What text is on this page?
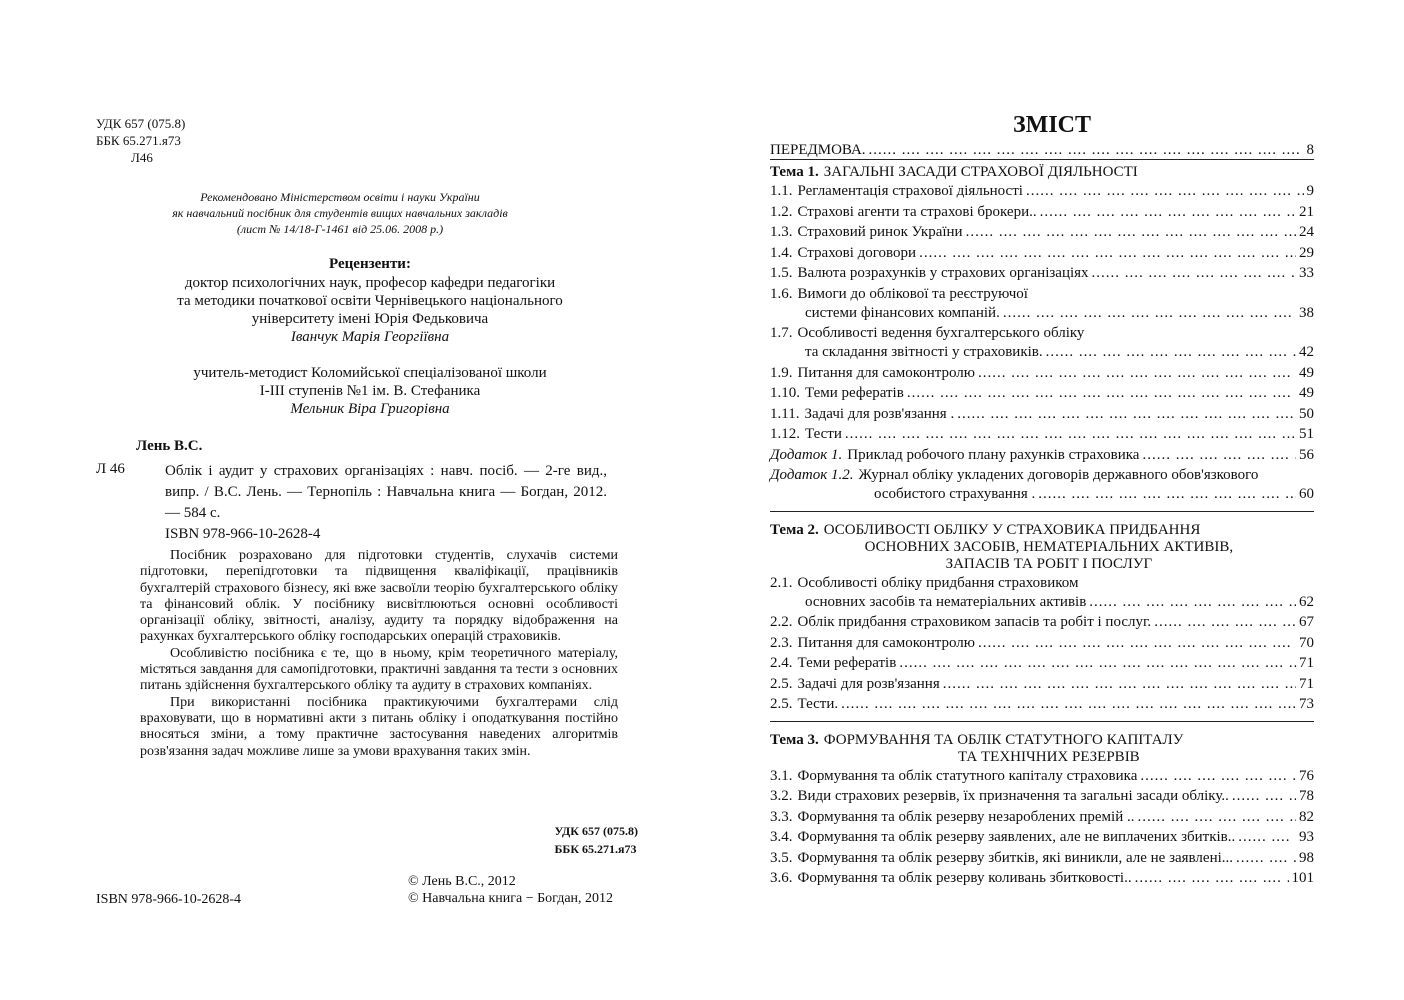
УДК 657 (075.8)
ББК 65.271.я73
Л46
Рекомендовано Міністерством освіти і науки України
як навчальний посібник для студентів вищих навчальних закладів
(лист № 14/18-Г-1461 від 25.06. 2008 р.)
Рецензенти:
доктор психологічних наук, професор кафедри педагогіки
та методики початкової освіти Чернівецького національного
університету імені Юрія Федьковича
Іванчук Марія Георгіївна
учитель-методист Коломийської спеціалізованої школи
І-ІІІ ступенів №1 ім. В. Стефаника
Мельник Віра Григорівна
Лень В.С.
Л 46	Облік і аудит у страхових організаціях : навч. посіб. — 2-ге вид., випр. / В.С. Лень. — Тернопіль : Навчальна книга — Богдан, 2012. — 584 с.
ISBN 978-966-10-2628-4

Посібник розраховано для підготовки студентів, слухачів системи підготовки, перепідготовки та підвищення кваліфікації, працівників бухгалтерій страхового бізнесу, які вже засвоїли теорію бухгалтерського обліку та фінансовий облік. У посібнику висвітлюються основні особливості організації обліку, звітності, аналізу, аудиту та порядку відображення на рахунках бухгалтерського обліку господарських операцій страховиків.

Особливістю посібника є те, що в ньому, крім теоретичного матеріалу, містяться завдання для самопідготовки, практичні завдання та тести з основних питань здійснення бухгалтерського обліку та аудиту в страхових компаніях.

При використанні посібника практикуючими бухгалтерами слід враховувати, що в нормативні акти з питань обліку і оподаткування постійно вносяться зміни, а тому практичне застосування наведених алгоритмів розв'язання задач можливе лише за умови врахування таких змін.

УДК 657 (075.8)
ББК 65.271.я73
© Лень В.С., 2012
© Навчальна книга − Богдан, 2012
ISBN 978-966-10-2628-4
ЗМІСТ
ПЕРЕДМОВА. .....	8
Тема 1. ЗАГАЛЬНІ ЗАСАДИ СТРАХОВОЇ ДІЯЛЬНОСТІ
1.1. Регламентація страхової діяльності .....	9
1.2. Страхові агенти та страхові брокери.. .....	21
1.3. Страховий ринок України .....	24
1.4. Страхові договори .....	29
1.5. Валюта розрахунків у страхових організаціях .....	33
1.6. Вимоги до облікової та реєструючої
системи фінансових компаній. .....	38
1.7. Особливості ведення бухгалтерського обліку
та складання звітності у страховиків. .....	42
1.9. Питання для самоконтролю .....	49
1.10. Теми рефератів .....	49
1.11. Задачі для розв'язання . .....	50
1.12. Тести .....	51
Додаток 1. Приклад робочого плану рахунків страховика .....	56
Додаток 1.2. Журнал обліку укладених договорів державного обов'язкового
особистого страхування . .....	60
Тема 2. ОСОБЛИВОСТІ ОБЛІКУ У СТРАХОВИКА ПРИДБАННЯ
ОСНОВНИХ ЗАСОБІВ, НЕМАТЕРІАЛЬНИХ АКТИВІВ,
ЗАПАСІВ ТА РОБІТ І ПОСЛУГ
2.1. Особливості обліку придбання страховиком
основних засобів та нематеріальних активів .....	62
2.2. Облік придбання страховиком запасів та робіт і послуг. .....	67
2.3. Питання для самоконтролю .....	70
2.4. Теми рефератів .....	71
2.5. Задачі для розв'язання .....	71
2.5. Тести. .....	73
Тема 3. ФОРМУВАННЯ ТА ОБЛІК СТАТУТНОГО КАПІТАЛУ
ТА ТЕХНІЧНИХ РЕЗЕРВІВ
3.1. Формування та облік статутного капіталу страховика .....	76
3.2. Види страхових резервів, їх призначення та загальні засади обліку.. .....	78
3.3. Формування та облік резерву незароблених премій .. .....	82
3.4. Формування та облік резерву заявлених, але не виплачених збитків.. .....	93
3.5. Формування та облік резерву збитків, які виникли, але не заявлені... .....	98
3.6. Формування та облік резерву коливань збитковості.. .....	101
